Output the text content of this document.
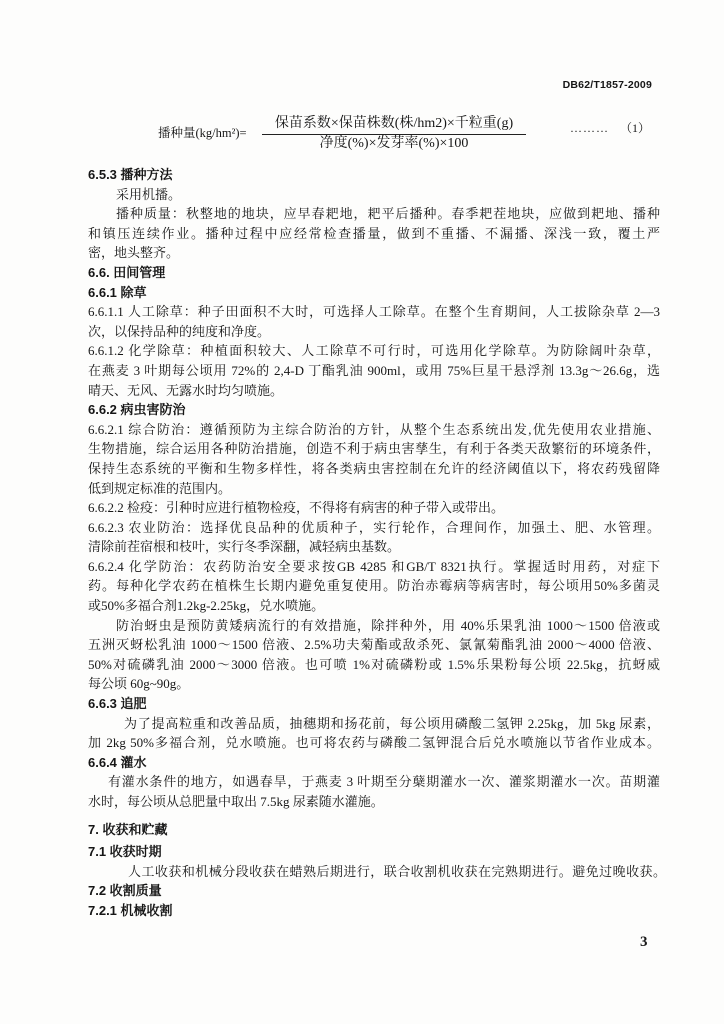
DB62/T1857-2009
播种量(kg/hm²)=
保苗系数×保苗株数(株/hm2)×千粒重(g)
净度(%)×发芽率(%)×100
……… （1）
6.5.3 播种方法
采用机播。
播种质量：秋整地的地块，应早春耙地，耙平后播种。春季耙茬地块，应做到耙地、播种
和镇压连续作业。播种过程中应经常检查播量，做到不重播、不漏播、深浅一致，覆土严
密，地头整齐。
6.6. 田间管理
6.6.1 除草
6.6.1.1 人工除草：种子田面积不大时，可选择人工除草。在整个生育期间，人工拔除杂草 2—3
次，以保持品种的纯度和净度。
6.6.1.2 化学除草：种植面积较大、人工除草不可行时，可选用化学除草。为防除阔叶杂草，
在燕麦 3 叶期每公顷用 72%的 2,4-D 丁酯乳油 900ml，或用 75%巨星干悬浮剂 13.3g～26.6g，选
晴天、无风、无露水时均匀喷施。
6.6.2 病虫害防治
6.6.2.1 综合防治：遵循预防为主综合防治的方针，从整个生态系统出发,优先使用农业措施、
生物措施，综合运用各种防治措施，创造不利于病虫害孳生，有利于各类天敌繁衍的环境条件，
保持生态系统的平衡和生物多样性，将各类病虫害控制在允许的经济阈值以下，将农药残留降
低到规定标准的范围内。
6.6.2.2 检疫：引种时应进行植物检疫，不得将有病害的种子带入或带出。
6.6.2.3 农业防治：选择优良品种的优质种子，实行轮作，合理间作，加强土、肥、水管理。
清除前茬宿根和枝叶，实行冬季深翻，减轻病虫基数。
6.6.2.4 化学防治：农药防治安全要求按GB 4285 和GB/T 8321执行。掌握适时用药，对症下
药。每种化学农药在植株生长期内避免重复使用。防治赤霉病等病害时，每公顷用50%多菌灵
或50%多福合剂1.2kg-2.25kg，兑水喷施。
防治蚜虫是预防黄矮病流行的有效措施，除拌种外，用 40%乐果乳油 1000～1500 倍液或
五洲灭蚜松乳油 1000～1500 倍液、2.5%功夫菊酯或敌杀死、氯氰菊酯乳油 2000～4000 倍液、
50%对硫磷乳油 2000～3000 倍液。也可喷 1%对硫磷粉或 1.5%乐果粉每公顷 22.5kg，抗蚜威
每公顷 60g~90g。
6.6.3 追肥
为了提高粒重和改善品质，抽穗期和扬花前，每公顷用磷酸二氢钾 2.25kg，加 5kg 尿素，
加 2kg 50%多福合剂，兑水喷施。也可将农药与磷酸二氢钾混合后兑水喷施以节省作业成本。
6.6.4 灌水
有灌水条件的地方，如遇春旱，于燕麦 3 叶期至分蘖期灌水一次、灌浆期灌水一次。苗期灌
水时，每公顷从总肥量中取出 7.5kg 尿素随水灌施。
7. 收获和贮藏
7.1 收获时期
人工收获和机械分段收获在蜡熟后期进行，联合收割机收获在完熟期进行。避免过晚收获。
7.2 收割质量
7.2.1 机械收割
3
